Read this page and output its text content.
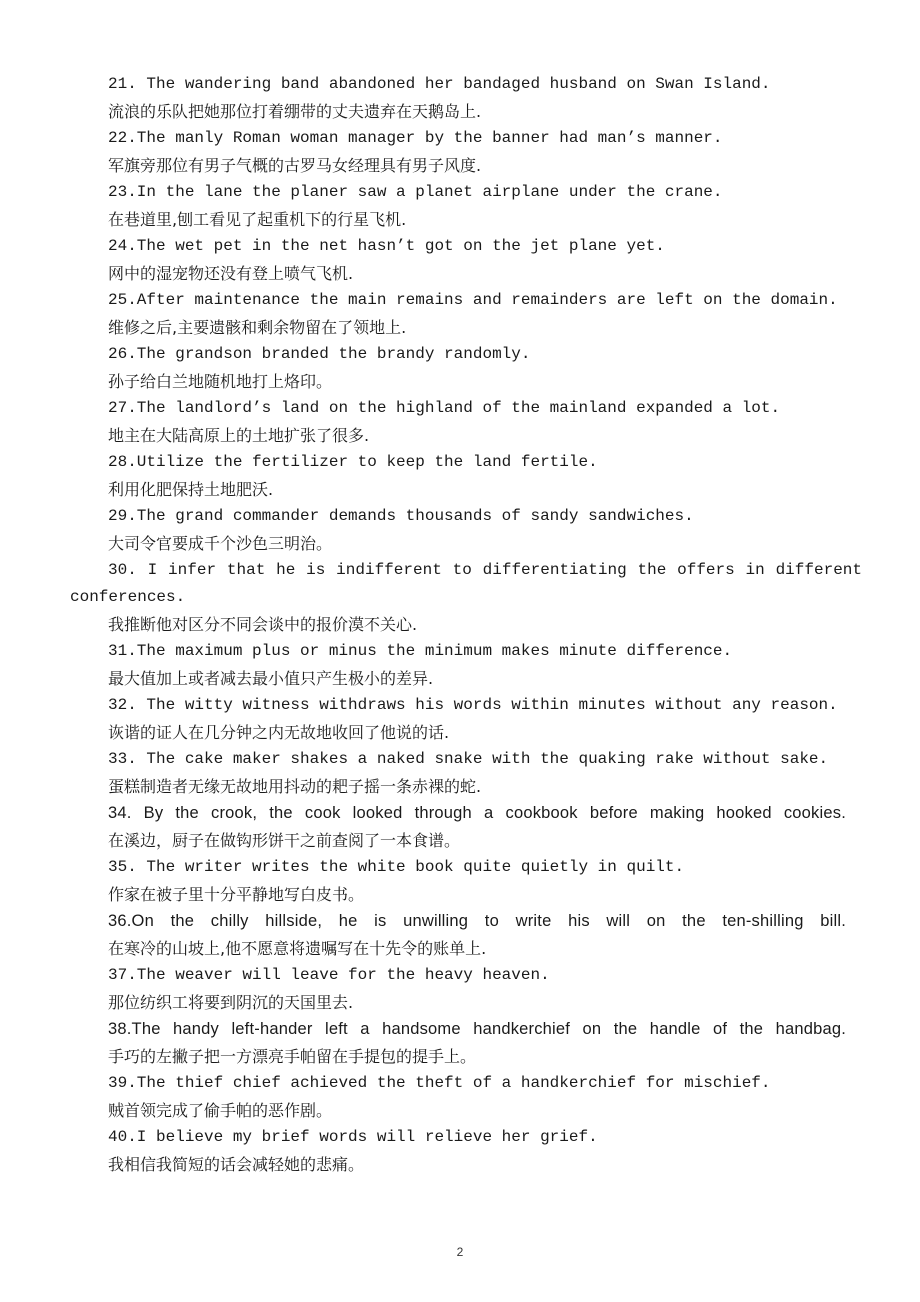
21. The wandering band abandoned her bandaged husband on Swan Island.
流浪的乐队把她那位打着绷带的丈夫遗弃在天鹅岛上.
22.The manly Roman woman manager by the banner had man’s manner.
军旗旁那位有男子气概的古罗马女经理具有男子风度.
23.In the lane the planer saw a planet airplane under the crane.
在巷道里,刨工看见了起重机下的行星飞机.
24.The wet pet in the net hasn’t got on the jet plane yet.
网中的湿宠物还没有登上喷气飞机.
25.After maintenance the main remains and remainders are left on the domain.
维修之后,主要遗骸和剩余物留在了领地上.
26.The grandson branded the brandy randomly.
孙子给白兰地随机地打上烙印。
27.The landlord’s land on the highland of the mainland expanded a lot.
地主在大陆高原上的土地扩张了很多.
28.Utilize the fertilizer to keep the land fertile.
利用化肥保持土地肥沃.
29.The grand commander demands thousands of sandy sandwiches.
大司令官要成千个沙色三明治。
30. I infer that he is indifferent to differentiating the offers in different
conferences.
我推断他对区分不同会谈中的报价漠不关心.
31.The maximum plus or minus the minimum makes minute difference.
最大值加上或者减去最小值只产生极小的差异.
32. The witty witness withdraws his words within minutes without any reason.
诙谐的证人在几分钟之内无故地收回了他说的话.
33. The cake maker shakes a naked snake with the quaking rake without sake.
蛋糕制造者无缘无故地用抖动的耙子摇一条赤裸的蛇.
34. By the crook, the cook looked through a cookbook before making hooked cookies.
在溪边，厨子在做钩形饼干之前查阅了一本食谱。
35. The writer writes the white book quite quietly in quilt.
作家在被子里十分平静地写白皮书。
36.On the chilly hillside, he is unwilling to write his will on the ten-shilling bill.
在寒冷的山坡上,他不愿意将遗嘱写在十先令的账单上.
37.The weaver will leave for the heavy heaven.
那位纺织工将要到阴沉的天国里去.
38.The handy left-hander left a handsome handkerchief on the handle of the handbag.
手巧的左撇子把一方漂亮手帕留在手提包的提手上。
39.The thief chief achieved the theft of a handkerchief for mischief.
贼首领完成了偷手帕的恶作剧。
40.I believe my brief words will relieve her grief.
我相信我简短的话会减轻她的悲痛。
2
